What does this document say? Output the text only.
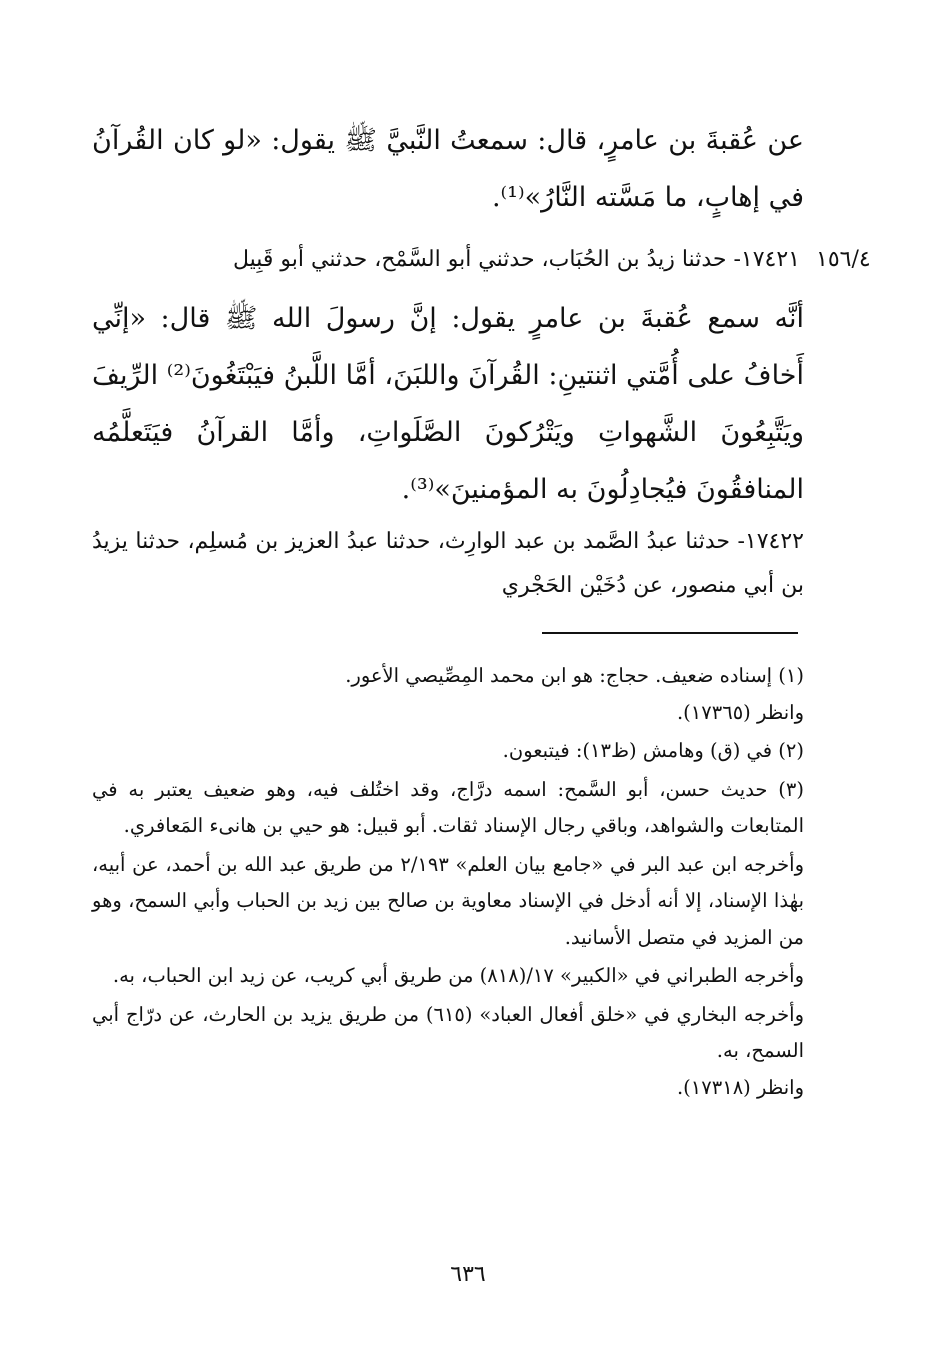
عن عُقبةَ بن عامرٍ، قال: سمعتُ النَّبيَّ ﷺ يقول: «لو كان القُرآنُ في إهابٍ، ما مَسَّته النَّارُ»⁽¹⁾.

١٥٦/٤

١٧٤٢١- حدثنا زيدُ بن الحُبَاب، حدثني أبو السَّمْح، حدثني أبو قَبِيل

أنَّه سمع عُقبةَ بن عامرٍ يقول: إنَّ رسولَ الله ﷺ قال: «إنِّي أَخافُ على أُمَّتي اثنتينِ: القُرآنَ واللبَنَ، أمَّا اللَّبنُ فيَبْتَغُونَ⁽²⁾ الرِّيفَ ويَتَّبِعُونَ الشَّهواتِ ويَتْرُكونَ الصَّلَواتِ، وأمَّا القرآنُ فيَتَعلَّمُه المنافقُونَ فيُجادِلُونَ به المؤمنينَ»⁽³⁾.

١٧٤٢٢- حدثنا عبدُ الصَّمد بن عبد الوارِث، حدثنا عبدُ العزيز بن مُسلِم، حدثنا يزيدُ بن أبي منصور، عن دُخَيْن الحَجْري

(١) إسناده ضعيف. حجاج: هو ابن محمد المِصِّيصي الأعور.

وانظر (١٧٣٦٥).

(٢) في (ق) وهامش (ظ١٣): فيتبعون.

(٣) حديث حسن، أبو السَّمح: اسمه درَّاج، وقد اختُلف فيه، وهو ضعيف يعتبر به في المتابعات والشواهد، وباقي رجال الإسناد ثقات. أبو قبيل: هو حيي بن هانىء المَعافري.

وأخرجه ابن عبد البر في «جامع بيان العلم» ٢/١٩٣ من طريق عبد الله بن أحمد، عن أبيه، بهٰذا الإسناد، إلا أنه أدخل في الإسناد معاوية بن صالح بين زيد بن الحباب وأبي السمح، وهو من المزيد في متصل الأسانيد.

وأخرجه الطبراني في «الكبير» ١٧/(٨١٨) من طريق أبي كريب، عن زيد ابن الحباب، به.

وأخرجه البخاري في «خلق أفعال العباد» (٦١٥) من طريق يزيد بن الحارث، عن درّاج أبي السمح، به.

وانظر (١٧٣١٨).

٦٣٦
